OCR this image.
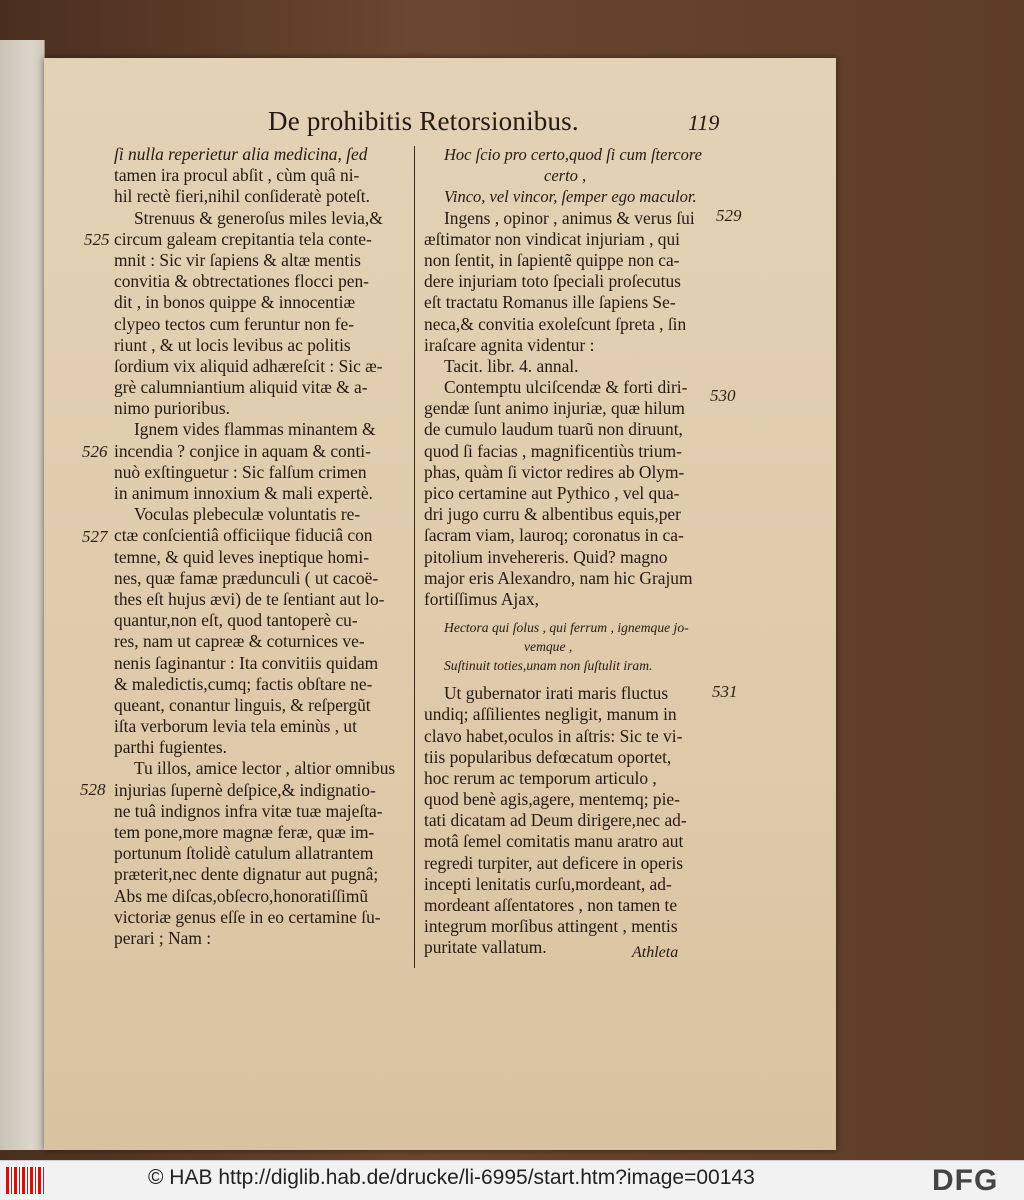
De prohibitis Retorsionibus.	119
525
526
527
528
529
530
531
ſi nulla reperietur alia medicina, ſed
tamen ira procul abſit , cùm quâ ni-
hil rectè fieri,nihil conſideratè poteſt.
Strenuus & generoſus miles levia,&
circum galeam crepitantia tela conte-
mnit : Sic vir ſapiens & altæ mentis
convitia & obtrectationes flocci pen-
dit , in bonos quippe & innocentiæ
clypeo tectos cum feruntur non fe-
riunt , & ut locis levibus ac politis
ſordium vix aliquid adhæreſcit : Sic æ-
grè calumniantium aliquid vitæ & a-
nimo purioribus.
Ignem vides flammas minantem &
incendia ? conjice in aquam & conti-
nuò exſtinguetur : Sic falſum crimen
in animum innoxium & mali expertè.
Voculas plebeculæ voluntatis re-
ctæ conſcientiâ officiique fiduciâ con
temne, & quid leves ineptique homi-
nes, quæ famæ prædunculi ( ut cacoë-
thes eſt hujus ævi) de te ſentiant aut lo-
quantur,non eſt, quod tantoperè cu-
res, nam ut capreæ & coturnices ve-
nenis ſaginantur : Ita convitiis quidam
& maledictis,cumq; factis obſtare ne-
queant, conantur linguis, & reſpergũt
iſta verborum levia tela eminùs , ut
parthi fugientes.
Tu illos, amice lector , altior omnibus
injurias ſupernè deſpice,& indignatio-
ne tuâ indignos infra vitæ tuæ majeſta-
tem pone,more magnæ feræ, quæ im-
portunum ſtolidè catulum allatrantem
præterit,nec dente dignatur aut pugnâ;
Abs me diſcas,obſecro,honoratiſſimũ
victoriæ genus eſſe in eo certamine ſu-
perari ; Nam :
Hoc ſcio pro certo,quod ſi cum ſtercore
certo ,
Vinco, vel vincor, ſemper ego maculor.
Ingens , opinor , animus & verus ſui
æſtimator non vindicat injuriam , qui
non ſentit, in ſapientẽ quippe non ca-
dere injuriam toto ſpeciali proſecutus
eſt tractatu Romanus ille ſapiens Se-
neca,& convitia exoleſcunt ſpreta , ſin
iraſcare agnita videntur :
Tacit. libr. 4. annal.
Contemptu ulciſcendæ & forti diri-
gendæ ſunt animo injuriæ, quæ hilum
de cumulo laudum tuarũ non diruunt,
quod ſi facias , magnificentiùs trium-
phas, quàm ſi victor redires ab Olym-
pico certamine aut Pythico , vel qua-
dri jugo curru & albentibus equis,per
ſacram viam, lauroq; coronatus in ca-
pitolium inveherеris. Quid? magno
major eris Alexandro, nam hic Grajum
fortiſſimus Ajax,
Hectora qui ſolus , qui ferrum , ignemque jo-
vemque ,
Suſtinuit toties,unam non ſuſtulit iram.
Ut gubernator irati maris fluctus
undiq; aſſilientes negligit, manum in
clavo habet,oculos in aſtris: Sic te vi-
tiis popularibus defœcatum oportet,
hoc rerum ac temporum articulo ,
quod benè agis,agere, mentemq; pie-
tati dicatam ad Deum dirigere,nec ad-
motâ ſemel comitatis manu aratro aut
regredi turpiter, aut deficere in operis
incepti lenitatis curſu,mordeant, ad-
mordeant aſſentatores , non tamen te
integrum morſibus attingent , mentis
puritate vallatum.	Athleta
© HAB http://diglib.hab.de/drucke/li-6995/start.htm?image=00143	DFG
